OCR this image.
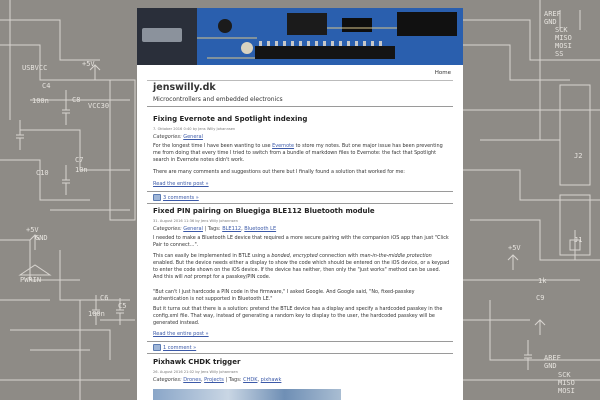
USBVCC
C4
100n	C8
VCC30
+5V
C7
10n
C10
+5V
GND
PWRIN
C5
C6
100n
AREF
GND
SCK
MISO
MOSI
SS
J2
J1
+5V
1k
C9
AREF
GND
SCK
MISO
MOSI
Home
jenswilly.dk
Microcontrollers and embedded electronics
Fixing Evernote and Spotlight indexing
7. Oktober 2016 0:40 by Jens Willy Johannsen
Categories: General
For the longest time I have been wanting to use Evernote to store my notes. But one major issue has been preventing me from doing that every time I tried to switch from a bundle of markdown files to Evernote: the fact that Spotlight search in Evernote notes didn't work.
There are many comments and suggestions out there but I finally found a solution that worked for me:
Read the entire post »
3 comments »
Fixed PIN pairing on Bluegiga BLE112 Bluetooth module
31. August 2016 11:36 by Jens Willy Johannsen
Categories: General | Tags: BLE112, Bluetooth LE
I needed to make a Bluetooth LE device that required a more secure pairing with the companion iOS app than just "Click Pair to connect…".
This can easily be implemented in BTLE using a bonded, encrypted connection with man-in-the-middle protection enabled. But the device needs either a display to show the code which should be entered on the iOS device, or a keypad to enter the code shown on the iOS device. If the device has neither, then only the "just works" method can be used. And this will not prompt for a passkey/PIN code.
"But can't I just hardcode a PIN code in the firmware," I asked Google. And Google said, "No, fixed-passkey authentication is not supported in Bluetooth LE."
But it turns out that there is a solution: pretend the BTLE device has a display and specify a hardcoded passkey in the config.xml file. That way, instead of generating a random key to display to the user, the hardcoded passkey will be generated instead.
Read the entire post »
1 comment »
Pixhawk CHDK trigger
26. August 2016 21:02 by Jens Willy Johannsen
Categories: Drones, Projects | Tags: CHDK, pixhawk
